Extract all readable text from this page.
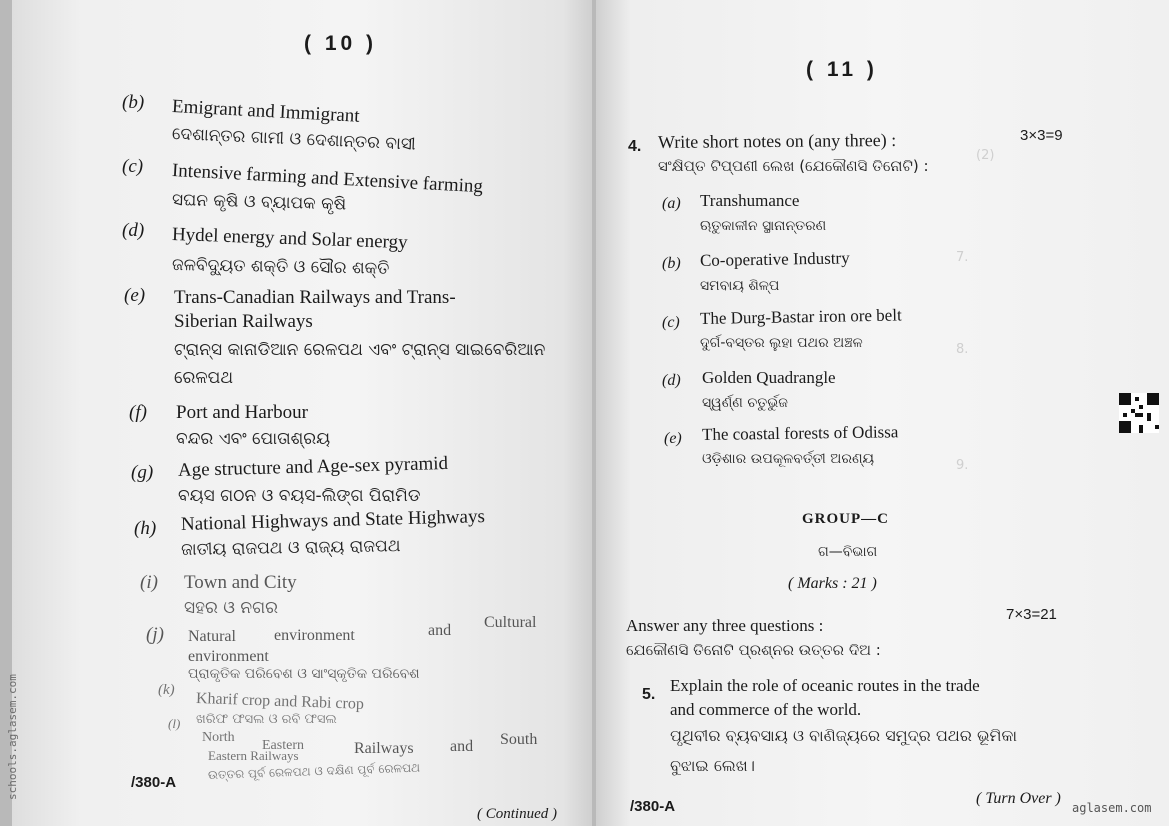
( 10 )
(b) Emigrant and Immigrant
ଦେଶାନ୍ତର ଗାମୀ ଓ ଦେଶାନ୍ତର ବାସୀ
(c) Intensive farming and Extensive farming
ସଘନ କୃଷି ଓ ବ୍ୟାପକ କୃଷି
(d) Hydel energy and Solar energy
ଜଳବିଦ୍ୟୁତ ଶକ୍ତି ଓ ସୌର ଶକ୍ତି
(e) Trans-Canadian Railways and Trans-
Siberian Railways
ଟ୍ରାନ୍ସ କାନାଡିଆନ ରେଳପଥ ଏବଂ ଟ୍ରାନ୍ସ ସାଇବେରିଆନ
ରେଳପଥ
(f) Port and Harbour
ବନ୍ଦର ଏବଂ ପୋତାଶ୍ରୟ
(g) Age structure and Age-sex pyramid
ବୟସ ଗଠନ ଓ ବୟସ-ଲିଙ୍ଗ ପିରାମିଡ
(h) National Highways and State Highways
ଜାତୀୟ ରାଜପଥ ଓ ରାଜ୍ୟ ରାଜପଥ
(i) Town and City
ସହର ଓ ନଗର
(j) Natural environment	and Cultural
environment
ପ୍ରାକୃତିକ ପରିବେଶ ଓ ସାଂସ୍କୃତିକ ପରିବେଶ
(k)
Kharif crop and Rabi crop
ଖରିଫ ଫସଲ ଓ ରବି ଫସଲ
(l)
North
Eastern	Railways and South
Eastern Railways
ଉତ୍ତର ପୂର୍ବ ରେଳପଥ ଓ ଦକ୍ଷିଣ ପୂର୍ବ ରେଳପଥ
/380-A
( Continued )
schools.aglasem.com
(2)
7.
8.
9.
( 11 )
4. Write short notes on (any three) :	3×3=9
ସଂକ୍ଷିପ୍ତ ଟିପ୍ପଣୀ ଲେଖ (ଯେକୌଣସି ତିନୋଟି) :
(a) Transhumance
ଋତୁକାଳୀନ ସ୍ଥାନାନ୍ତରଣ
(b) Co-operative Industry
ସମବାୟ ଶିଳ୍ପ
(c) The Durg-Bastar iron ore belt
ଦୁର୍ଗ-ବସ୍ତର ଲୁହା ପଥର ଅଞ୍ଚଳ
(d) Golden Quadrangle
ସ୍ୱର୍ଣ୍ଣ ଚତୁର୍ଭୁଜ
(e) The coastal forests of Odissa
ଓଡ଼ିଶାର ଉପକୂଳବର୍ତ୍ତୀ ଅରଣ୍ୟ
GROUP—C
ଗ—ବିଭାଗ
( Marks : 21 )
Answer any three questions :
7×3=21
ଯେକୌଣସି ତିନୋଟି ପ୍ରଶ୍ନର ଉତ୍ତର ଦିଅ :
5. Explain the role of oceanic routes in the trade
and commerce of the world.
ପୃଥିବୀର ବ୍ୟବସାୟ ଓ ବାଣିଜ୍ୟରେ ସମୁଦ୍ର ପଥର ଭୂମିକା
ବୁଝାଇ ଲେଖ।
/380-A	( Turn Over )
aglasem.com
